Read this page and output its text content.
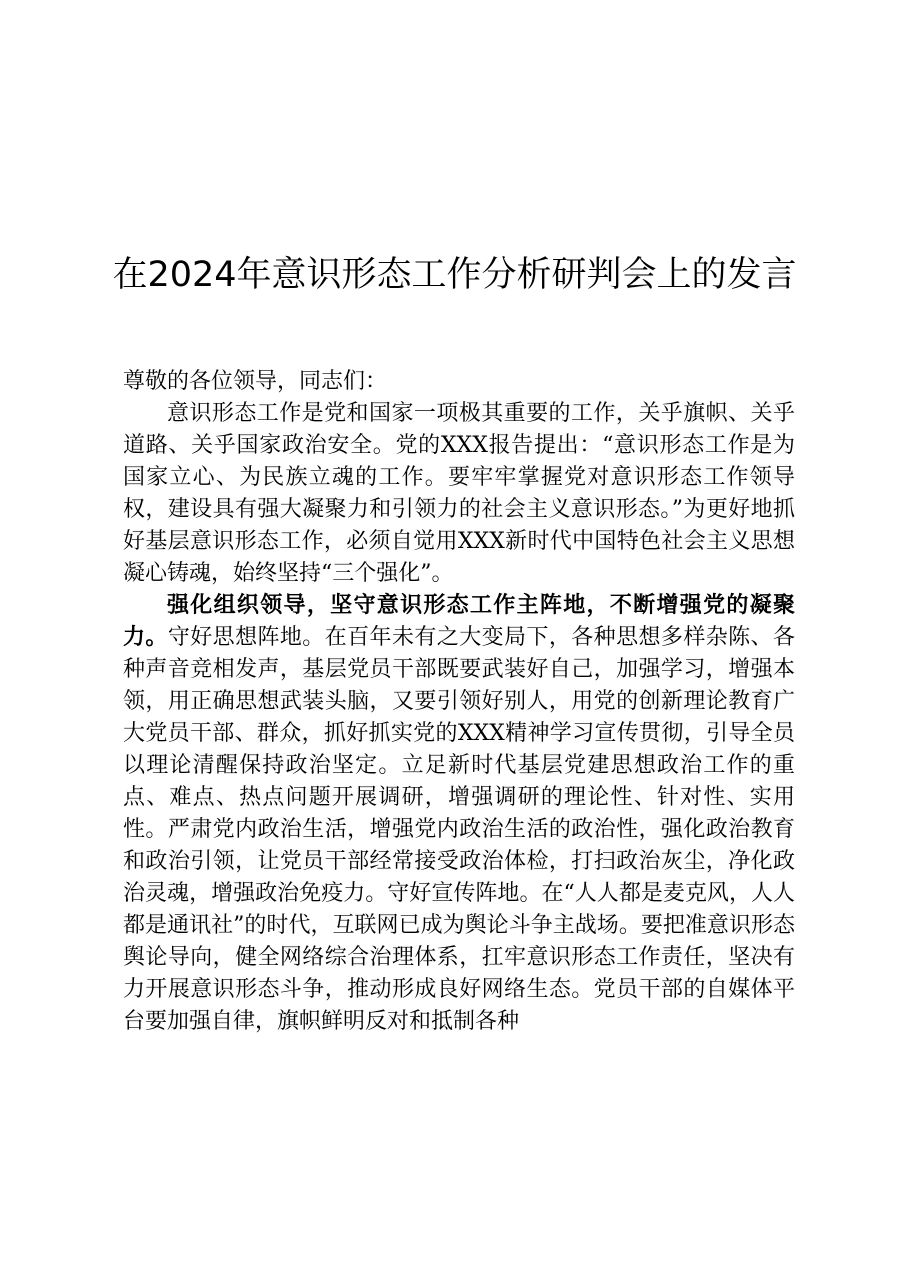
在2024年意识形态工作分析研判会上的发言

尊敬的各位领导，同志们：

意识形态工作是党和国家一项极其重要的工作，关乎旗帜、关乎道路、关乎国家政治安全。党的XXX报告提出：“意识形态工作是为国家立心、为民族立魂的工作。要牢牢掌握党对意识形态工作领导权，建设具有强大凝聚力和引领力的社会主义意识形态。”为更好地抓好基层意识形态工作，必须自觉用XXX新时代中国特色社会主义思想凝心铸魂，始终坚持“三个强化”。

强化组织领导，坚守意识形态工作主阵地，不断增强党的凝聚力。守好思想阵地。在百年未有之大变局下，各种思想多样杂陈、各种声音竞相发声，基层党员干部既要武装好自己，加强学习，增强本领，用正确思想武装头脑，又要引领好别人，用党的创新理论教育广大党员干部、群众，抓好抓实党的XXX精神学习宣传贯彻，引导全员以理论清醒保持政治坚定。立足新时代基层党建思想政治工作的重点、难点、热点问题开展调研，增强调研的理论性、针对性、实用性。严肃党内政治生活，增强党内政治生活的政治性，强化政治教育和政治引领，让党员干部经常接受政治体检，打扫政治灰尘，净化政治灵魂，增强政治免疫力。守好宣传阵地。在“人人都是麦克风，人人都是通讯社”的时代，互联网已成为舆论斗争主战场。要把准意识形态舆论导向，健全网络综合治理体系，扛牢意识形态工作责任，坚决有力开展意识形态斗争，推动形成良好网络生态。党员干部的自媒体平台要加强自律，旗帜鲜明反对和抵制各种
